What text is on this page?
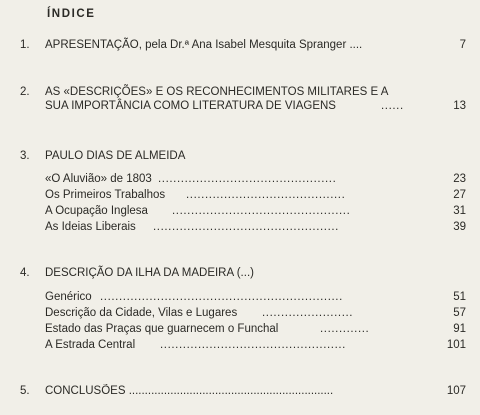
ÍNDICE
1. APRESENTAÇÃO, pela Dr.ª Ana Isabel Mesquita Spranger ....	7
2. AS «DESCRIÇÕES» E OS RECONHECIMENTOS MILITARES E A
SUA IMPORTÂNCIA COMO LITERATURA DE VIAGENS	......	13
3. PAULO DIAS DE ALMEIDA
«O Aluvião» de 1803 ...............................................	23
Os Primeiros Trabalhos ..........................................	27
A Ocupação Inglesa ...............................................	31
As Ideias Liberais .................................................	39
4. DESCRIÇÃO DA ILHA DA MADEIRA (...)
Genérico ................................................................	51
Descrição da Cidade, Vilas e Lugares ........................	57
Estado das Praças que guarnecem o Funchal	.............	91
A Estrada Central .................................................	101
5. CONCLUSÕES ................................................................	107
